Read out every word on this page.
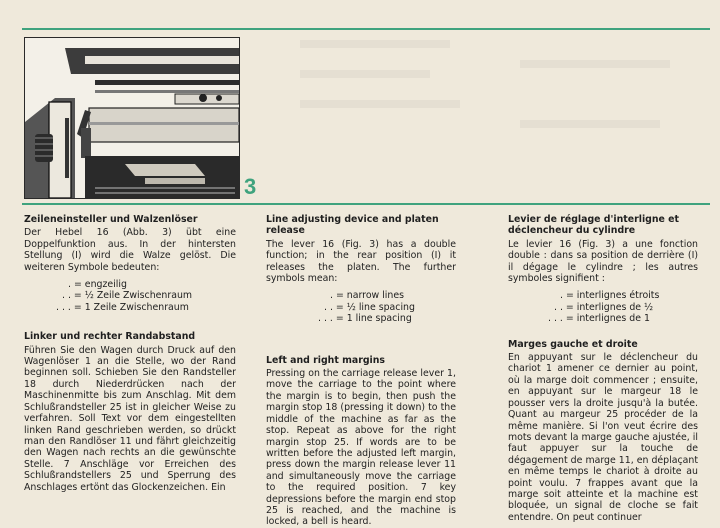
3

Zeileneinsteller und Walzenlöser

Der Hebel 16 (Abb. 3) übt eine Doppelfunktion aus. In der hintersten Stellung (I) wird die Walze gelöst. Die weiteren Symbole bedeuten:

. = engzeilig
. . = ½ Zeile Zwischenraum
. . . = 1 Zeile Zwischenraum

Linker und rechter Randabstand

Führen Sie den Wagen durch Druck auf den Wagenlöser 1 an die Stelle, wo der Rand beginnen soll. Schieben Sie den Randsteller 18 durch Niederdrücken nach der Maschinenmitte bis zum Anschlag. Mit dem Schlußrandsteller 25 ist in gleicher Weise zu verfahren. Soll Text vor dem eingestellten linken Rand geschrieben werden, so drückt man den Randlöser 11 und fährt gleichzeitig den Wagen nach rechts an die gewünschte Stelle. 7 Anschläge vor Erreichen des Schlußrandstellers 25 und Sperrung des Anschlages ertönt das Glockenzeichen. Ein

Line adjusting device and platen release

The lever 16 (Fig. 3) has a double function; in the rear position (I) it releases the platen. The further symbols mean:

. = narrow lines
. . = ½ line spacing
. . . = 1 line spacing

Left and right margins

Pressing on the carriage release lever 1, move the carriage to the point where the margin is to begin, then push the margin stop 18 (pressing it down) to the middle of the machine as far as the stop. Repeat as above for the right margin stop 25. If words are to be written before the adjusted left margin, press down the margin release lever 11 and simultaneously move the carriage to the required position. 7 key depressions before the margin end stop 25 is reached, and the machine is locked, a bell is heard.

Levier de réglage d'interligne et déclencheur du cylindre

Le levier 16 (Fig. 3) a une fonction double : dans sa position de derrière (I) il dégage le cylindre ; les autres symboles signifient :

. = interlignes étroits
. . = interlignes de ½
. . . = interlignes de 1

Marges gauche et droite

En appuyant sur le déclencheur du chariot 1 amener ce dernier au point, où la marge doit commencer ; ensuite, en appuyant sur le margeur 18 le pousser vers la droite jusqu'à la butée. Quant au margeur 25 procéder de la même manière. Si l'on veut écrire des mots devant la marge gauche ajustée, il faut appuyer sur la touche de dégagement de marge 11, en déplaçant en même temps le chariot à droite au point voulu. 7 frappes avant que la marge soit atteinte et la machine est bloquée, un signal de cloche se fait entendre. On peut continuer
